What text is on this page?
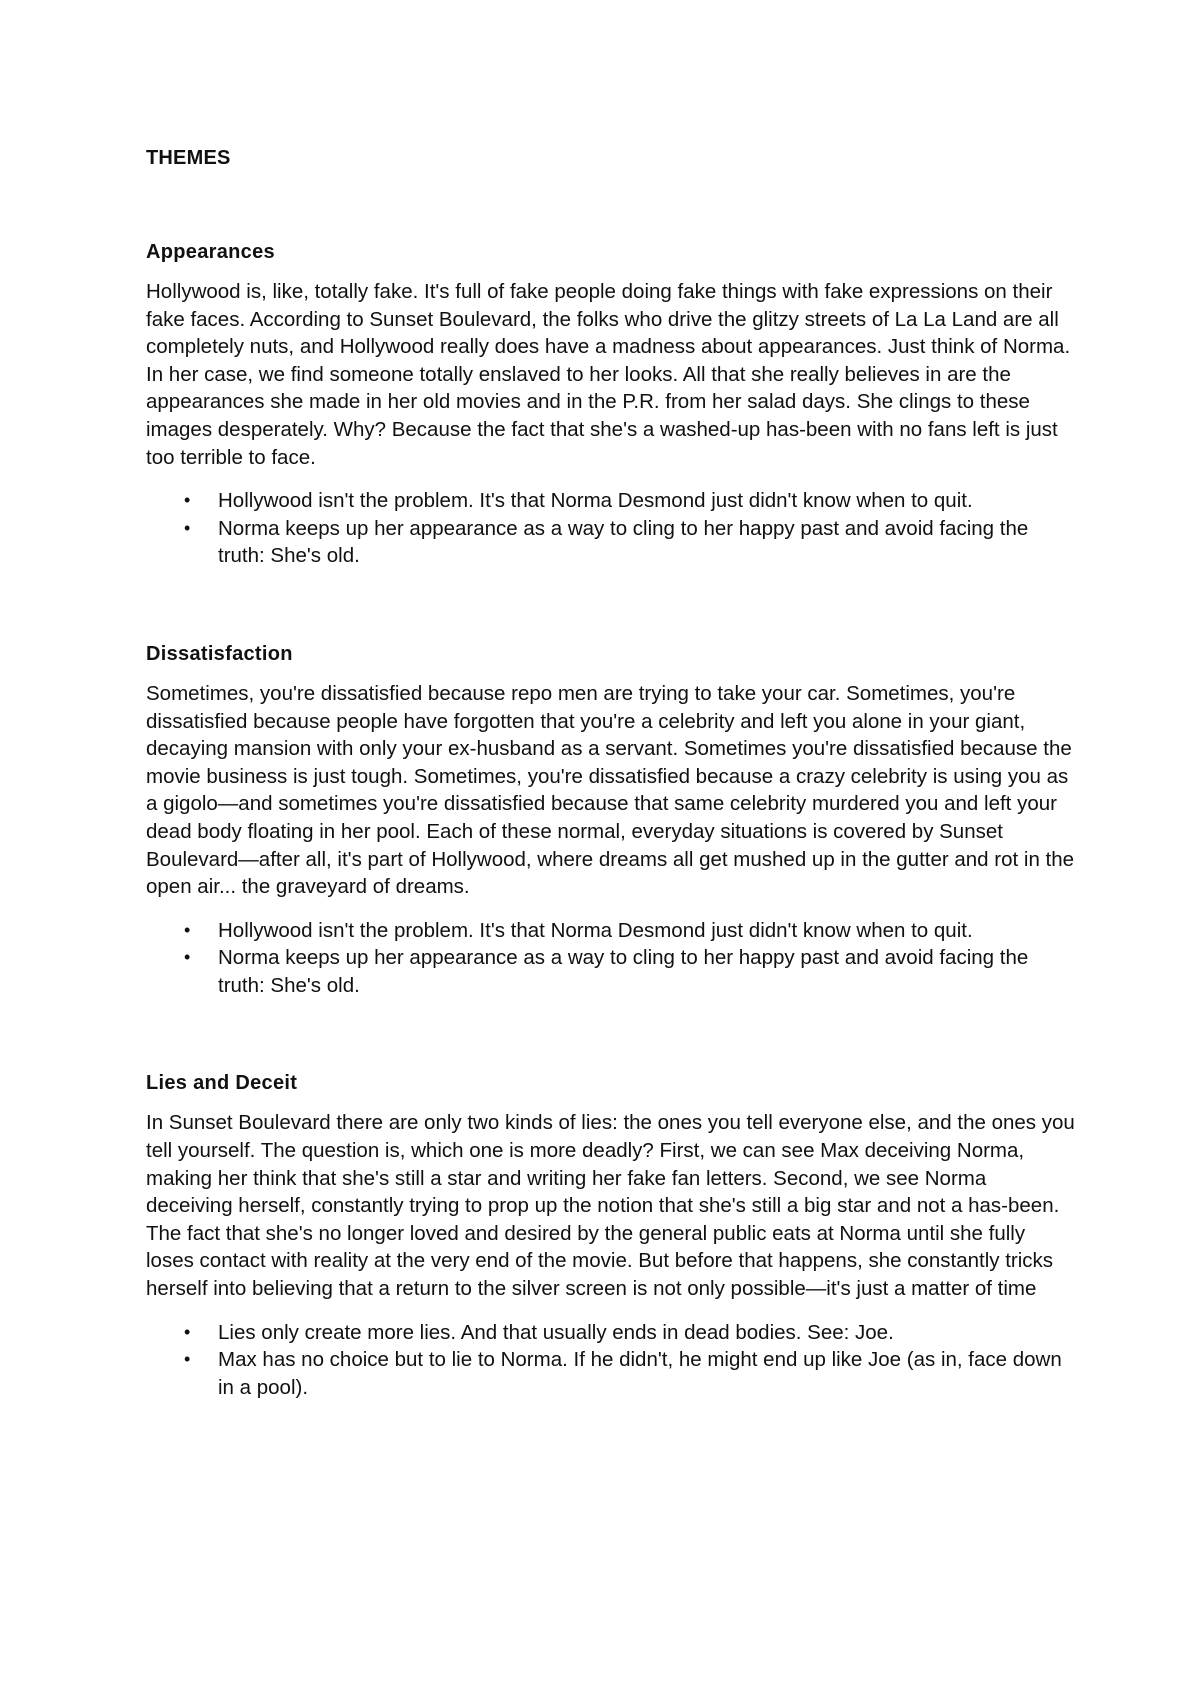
THEMES
Appearances

Hollywood is, like, totally fake. It's full of fake people doing fake things with fake expressions on their fake faces. According to Sunset Boulevard, the folks who drive the glitzy streets of La La Land are all completely nuts, and Hollywood really does have a madness about appearances. Just think of Norma. In her case, we find someone totally enslaved to her looks. All that she really believes in are the appearances she made in her old movies and in the P.R. from her salad days. She clings to these images desperately. Why? Because the fact that she's a washed-up has-been with no fans left is just too terrible to face.

• Hollywood isn't the problem. It's that Norma Desmond just didn't know when to quit.
• Norma keeps up her appearance as a way to cling to her happy past and avoid facing the truth: She's old.
Dissatisfaction

Sometimes, you're dissatisfied because repo men are trying to take your car. Sometimes, you're dissatisfied because people have forgotten that you're a celebrity and left you alone in your giant, decaying mansion with only your ex-husband as a servant. Sometimes you're dissatisfied because the movie business is just tough. Sometimes, you're dissatisfied because a crazy celebrity is using you as a gigolo—and sometimes you're dissatisfied because that same celebrity murdered you and left your dead body floating in her pool. Each of these normal, everyday situations is covered by Sunset Boulevard—after all, it's part of Hollywood, where dreams all get mushed up in the gutter and rot in the open air... the graveyard of dreams.

• Hollywood isn't the problem. It's that Norma Desmond just didn't know when to quit.
• Norma keeps up her appearance as a way to cling to her happy past and avoid facing the truth: She's old.
Lies and Deceit

In Sunset Boulevard there are only two kinds of lies: the ones you tell everyone else, and the ones you tell yourself. The question is, which one is more deadly? First, we can see Max deceiving Norma, making her think that she's still a star and writing her fake fan letters. Second, we see Norma deceiving herself, constantly trying to prop up the notion that she's still a big star and not a has-been. The fact that she's no longer loved and desired by the general public eats at Norma until she fully loses contact with reality at the very end of the movie. But before that happens, she constantly tricks herself into believing that a return to the silver screen is not only possible—it's just a matter of time

• Lies only create more lies. And that usually ends in dead bodies. See: Joe.
• Max has no choice but to lie to Norma. If he didn't, he might end up like Joe (as in, face down in a pool).
